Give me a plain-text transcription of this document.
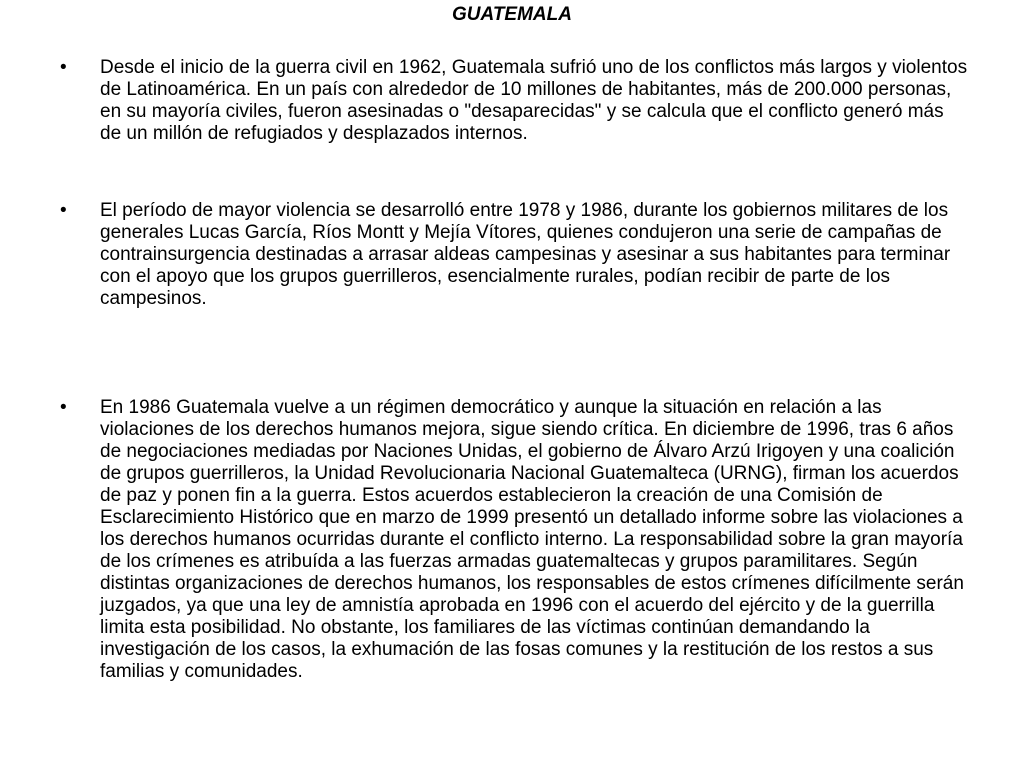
GUATEMALA
•	Desde el inicio de la guerra civil en 1962, Guatemala sufrió uno de los conflictos más largos y violentos de Latinoamérica. En un país con alrededor de 10 millones de habitantes, más de 200.000 personas, en su mayoría civiles, fueron asesinadas o "desaparecidas" y se calcula que el conflicto generó más de un millón de refugiados y desplazados internos.
•	El período de mayor violencia se desarrolló entre 1978 y 1986, durante los gobiernos militares de los generales Lucas García, Ríos Montt y Mejía Vítores, quienes condujeron una serie de campañas de contrainsurgencia destinadas a arrasar aldeas campesinas y asesinar a sus habitantes para terminar con el apoyo que los grupos guerrilleros, esencialmente rurales, podían recibir de parte de los campesinos.
•	En 1986 Guatemala vuelve a un régimen democrático y aunque la situación en relación a las violaciones de los derechos humanos mejora, sigue siendo crítica. En diciembre de 1996, tras 6 años de negociaciones mediadas por Naciones Unidas, el gobierno de Álvaro Arzú Irigoyen y una coalición de grupos guerrilleros, la Unidad Revolucionaria Nacional Guatemalteca (URNG), firman los acuerdos de paz y ponen fin a la guerra. Estos acuerdos establecieron la creación de una Comisión de Esclarecimiento Histórico que en marzo de 1999 presentó un detallado informe sobre las violaciones a los derechos humanos ocurridas durante el conflicto interno. La responsabilidad sobre la gran mayoría de los crímenes es atribuída a las fuerzas armadas guatemaltecas y grupos paramilitares. Según distintas organizaciones de derechos humanos, los responsables de estos crímenes difícilmente serán juzgados, ya que una ley de amnistía aprobada en 1996 con el acuerdo del ejército y de la guerrilla limita esta posibilidad. No obstante, los familiares de las víctimas continúan demandando la investigación de los casos, la exhumación de las fosas comunes y la restitución de los restos a sus familias y comunidades.
